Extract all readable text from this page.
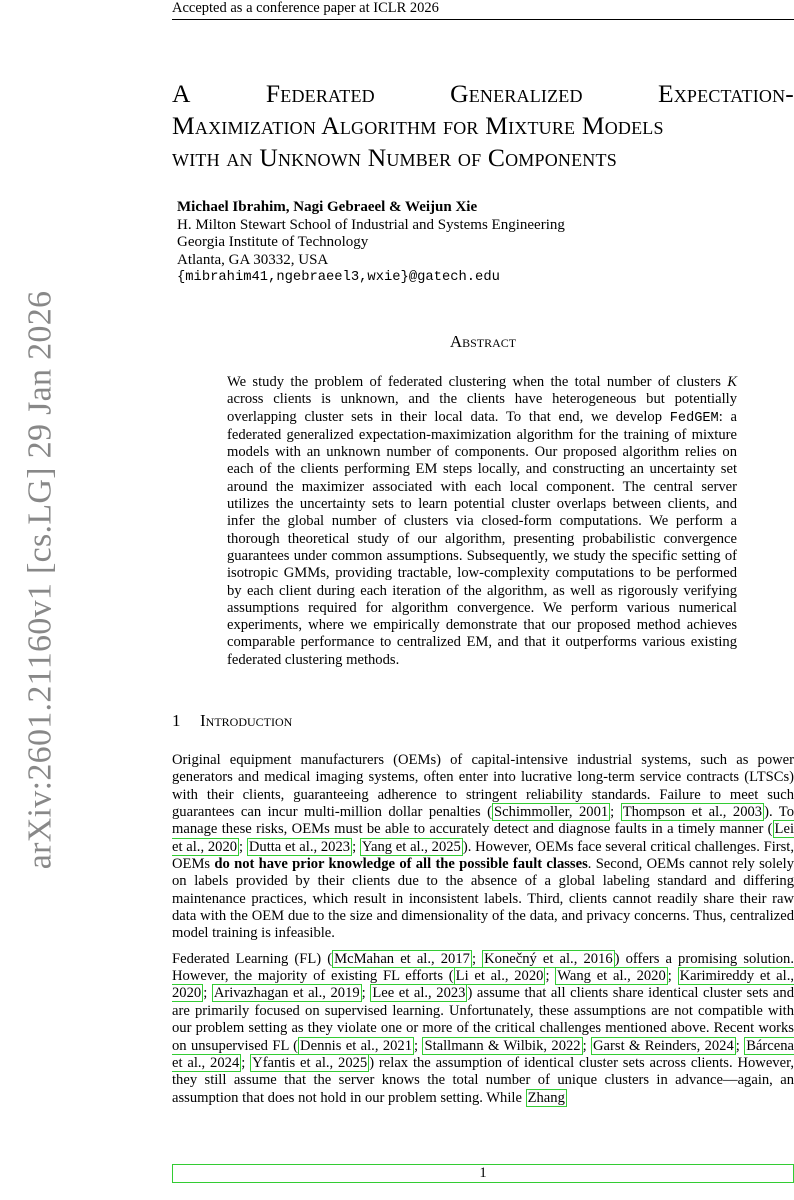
Accepted as a conference paper at ICLR 2026
arXiv:2601.21160v1 [cs.LG] 29 Jan 2026
A	Federated	Generalized	Expectation-
Maximization Algorithm for Mixture Models
with an Unknown Number of Components
Michael Ibrahim, Nagi Gebraeel & Weijun Xie
H. Milton Stewart School of Industrial and Systems Engineering
Georgia Institute of Technology
Atlanta, GA 30332, USA
{mibrahim41,ngebraeel3,wxie}@gatech.edu
Abstract
We study the problem of federated clustering when the total number of clusters K across clients is unknown, and the clients have heterogeneous but potentially overlapping cluster sets in their local data. To that end, we develop FedGEM: a federated generalized expectation-maximization algorithm for the training of mixture models with an unknown number of components. Our proposed algorithm relies on each of the clients performing EM steps locally, and constructing an uncertainty set around the maximizer associated with each local component. The central server utilizes the uncertainty sets to learn potential cluster overlaps between clients, and infer the global number of clusters via closed-form computations. We perform a thorough theoretical study of our algorithm, presenting probabilistic convergence guarantees under common assumptions. Subsequently, we study the specific setting of isotropic GMMs, providing tractable, low-complexity computations to be performed by each client during each iteration of the algorithm, as well as rigorously verifying assumptions required for algorithm convergence. We perform various numerical experiments, where we empirically demonstrate that our proposed method achieves comparable performance to centralized EM, and that it outperforms various existing federated clustering methods.
1 Introduction

Original equipment manufacturers (OEMs) of capital-intensive industrial systems, such as power generators and medical imaging systems, often enter into lucrative long-term service contracts (LTSCs) with their clients, guaranteeing adherence to stringent reliability standards. Failure to meet such guarantees can incur multi-million dollar penalties ( Schimmoller, 2001 ; Thompson et al., 2003 ). To manage these risks, OEMs must be able to accurately detect and diagnose faults in a timely manner ( Lei et al., 2020 ; Dutta et al., 2023 ; Yang et al., 2025 ). However, OEMs face several critical challenges. First, OEMs do not have prior knowledge of all the possible fault classes. Second, OEMs cannot rely solely on labels provided by their clients due to the absence of a global labeling standard and differing maintenance practices, which result in inconsistent labels. Third, clients cannot readily share their raw data with the OEM due to the size and dimensionality of the data, and privacy concerns. Thus, centralized model training is infeasible.

Federated Learning (FL) ( McMahan et al., 2017 ; Konečný et al., 2016 ) offers a promising solution. However, the majority of existing FL efforts ( Li et al., 2020 ; Wang et al., 2020 ; Karimireddy et al., 2020 ; Arivazhagan et al., 2019 ; Lee et al., 2023 ) assume that all clients share identical cluster sets and are primarily focused on supervised learning. Unfortunately, these assumptions are not compatible with our problem setting as they violate one or more of the critical challenges mentioned above. Recent works on unsupervised FL ( Dennis et al., 2021 ; Stallmann & Wilbik, 2022 ; Garst & Reinders, 2024 ; Bárcena et al., 2024 ; Yfantis et al., 2025 ) relax the assumption of identical cluster sets across clients. However, they still assume that the server knows the total number of unique clusters in advance—again, an assumption that does not hold in our problem setting. While Zhang

1
